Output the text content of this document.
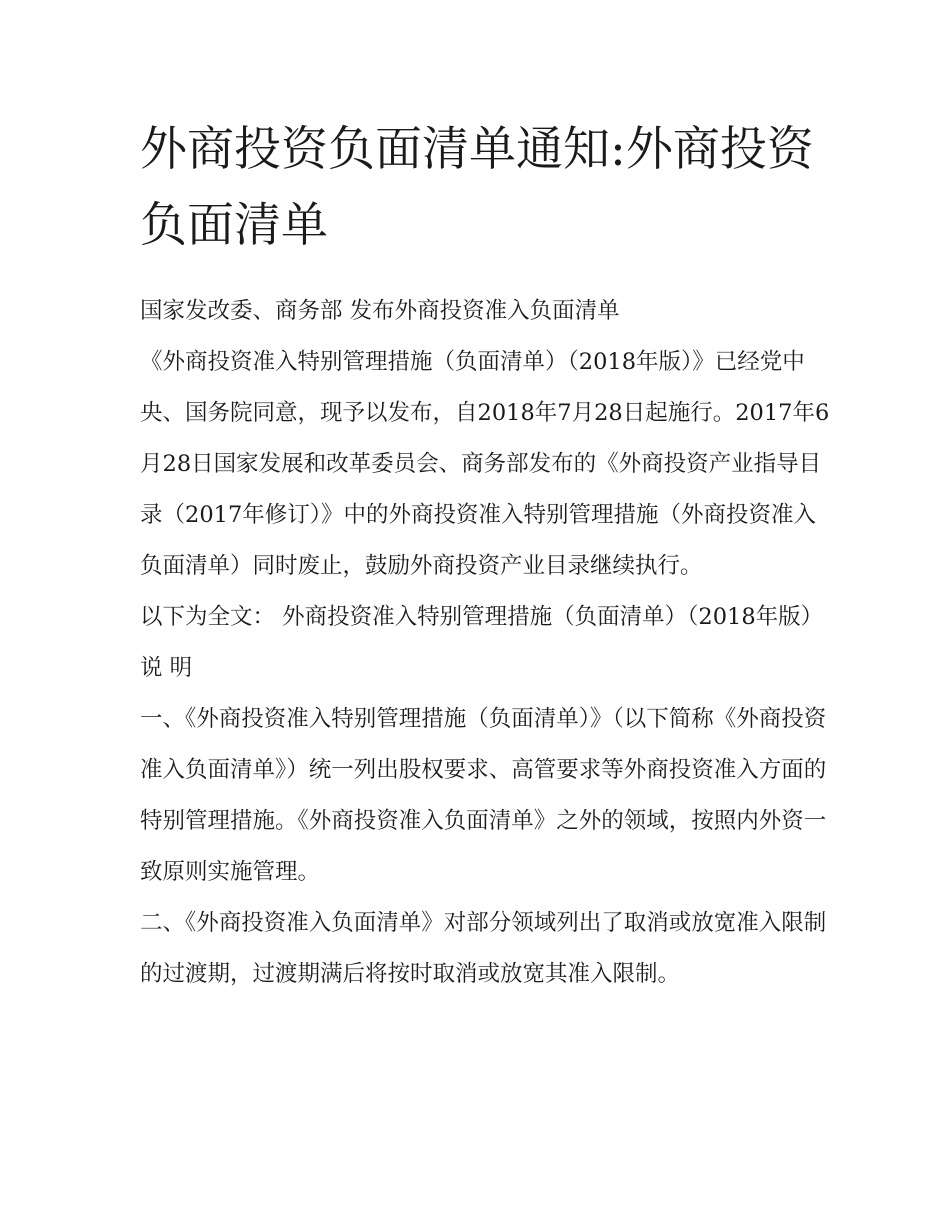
外商投资负面清单通知:外商投资负面清单

国家发改委、商务部 发布外商投资准入负面清单

《外商投资准入特别管理措施（负面清单）（2018年版）》已经党中央、国务院同意，现予以发布，自2018年7月28日起施行。2017年6月28日国家发展和改革委员会、商务部发布的《外商投资产业指导目录（2017年修订）》中的外商投资准入特别管理措施（外商投资准入负面清单）同时废止，鼓励外商投资产业目录继续执行。

以下为全文： 外商投资准入特别管理措施（负面清单）（2018年版）说 明

一、《外商投资准入特别管理措施（负面清单）》（以下简称《外商投资准入负面清单》）统一列出股权要求、高管要求等外商投资准入方面的特别管理措施。《外商投资准入负面清单》之外的领域，按照内外资一致原则实施管理。

二、《外商投资准入负面清单》对部分领域列出了取消或放宽准入限制的过渡期，过渡期满后将按时取消或放宽其准入限制。
